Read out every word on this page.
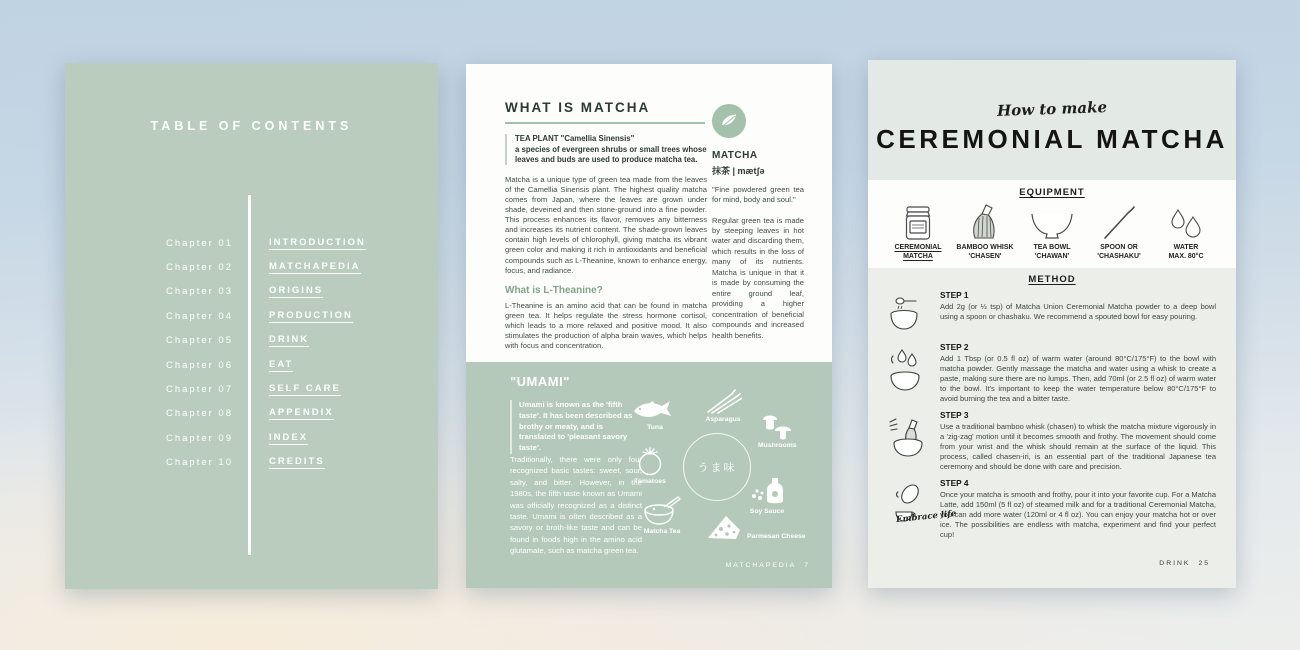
TABLE OF CONTENTS
Chapter 01	INTRODUCTION
Chapter 02	MATCHAPEDIA
Chapter 03	ORIGINS
Chapter 04	PRODUCTION
Chapter 05	DRINK
Chapter 06	EAT
Chapter 07	SELF CARE
Chapter 08	APPENDIX
Chapter 09	INDEX
Chapter 10	CREDITS
WHAT IS MATCHA
TEA PLANT "Camellia Sinensis"
a species of evergreen shrubs or small trees whose leaves and buds are used to produce matcha tea.
Matcha is a unique type of green tea made from the leaves of the Camellia Sinensis plant. The highest quality matcha comes from Japan, where the leaves are grown under shade, deveined and then stone-ground into a fine powder. This process enhances its flavor, removes any bitterness and increases its nutrient content. The shade-grown leaves contain high levels of chlorophyll, giving matcha its vibrant green color and making it rich in antioxidants and beneficial compounds such as L-Theanine, known to enhance energy, focus, and radiance.
What is L-Theanine?
L-Theanine is an amino acid that can be found in matcha green tea. It helps regulate the stress hormone cortisol, which leads to a more relaxed and positive mood. It also stimulates the production of alpha brain waves, which helps with focus and concentration.
MATCHA
抹茶 | mætʃə
"Fine powdered green tea for mind, body and soul."
Regular green tea is made by steeping leaves in hot water and discarding them, which results in the loss of many of its nutrients. Matcha is unique in that it is made by consuming the entire ground leaf, providing a higher concentration of beneficial compounds and increased health benefits.
"UMAMI"
Umami is known as the 'fifth taste'. It has been described as brothy or meaty, and is translated to 'pleasant savory taste'.
Traditionally, there were only four recognized basic tastes: sweet, sour, salty, and bitter. However, in the 1980s, the fifth taste known as Umami was officially recognized as a distinct taste. Umami is often described as a savory or broth-like taste and can be found in foods high in the amino acid glutamate, such as matcha green tea.
うま味
Tuna
Asparagus
Mushrooms
Tomatoes
Matcha Tea
Parmesan Cheese
Soy Sauce
MATCHAPEDIA 7
How to make
CEREMONIAL MATCHA
EQUIPMENT
CEREMONIAL
MATCHA
BAMBOO WHISK
'CHASEN'
TEA BOWL
'CHAWAN'
SPOON OR
'CHASHAKU'
WATER
MAX. 80°C
METHOD
STEP 1
Add 2g (or ½ tsp) of Matcha Union Ceremonial Matcha powder to a deep bowl using a spoon or chashaku. We recommend a spouted bowl for easy pouring.
STEP 2
Add 1 Tbsp (or 0.5 fl oz) of warm water (around 80°C/175°F) to the bowl with matcha powder. Gently massage the matcha and water using a whisk to create a paste, making sure there are no lumps. Then, add 70ml (or 2.5 fl oz) of warm water to the bowl. It's important to keep the water temperature below 80°C/175°F to avoid burning the tea and a bitter taste.
STEP 3
Use a traditional bamboo whisk (chasen) to whisk the matcha mixture vigorously in a 'zig-zag' motion until it becomes smooth and frothy. The movement should come from your wrist and the whisk should remain at the surface of the liquid. This process, called chasen-iri, is an essential part of the traditional Japanese tea ceremony and should be done with care and precision.
STEP 4
Once your matcha is smooth and frothy, pour it into your favorite cup. For a Matcha Latte, add 150ml (5 fl oz) of steamed milk and for a traditional Ceremonial Matcha, you can add more water (120ml or 4 fl oz). You can enjoy your matcha hot or over ice. The possibilities are endless with matcha, experiment and find your perfect cup!
Embrace life
DRINK 25
